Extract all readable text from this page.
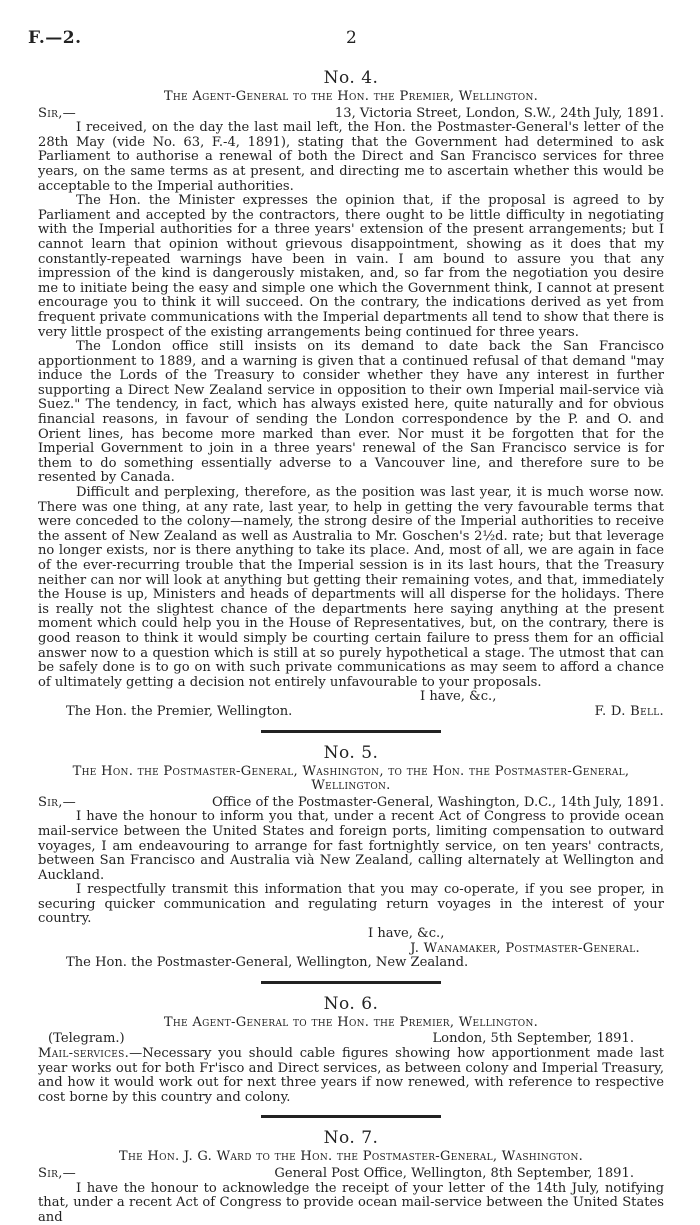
F.—2.	2
No. 4.
The Agent-General to the Hon. the Premier, Wellington.
Sir,—	13, Victoria Street, London, S.W., 24th July, 1891.

I received, on the day the last mail left, the Hon. the Postmaster-General's letter of the 28th May (vide No. 63, F.-4, 1891), stating that the Government had determined to ask Parliament to authorise a renewal of both the Direct and San Francisco services for three years, on the same terms as at present, and directing me to ascertain whether this would be acceptable to the Imperial authorities.

The Hon. the Minister expresses the opinion that, if the proposal is agreed to by Parliament and accepted by the contractors, there ought to be little difficulty in negotiating with the Imperial authorities for a three years' extension of the present arrangements; but I cannot learn that opinion without grievous disappointment, showing as it does that my constantly-repeated warnings have been in vain. I am bound to assure you that any impression of the kind is dangerously mistaken, and, so far from the negotiation you desire me to initiate being the easy and simple one which the Government think, I cannot at present encourage you to think it will succeed. On the contrary, the indications derived as yet from frequent private communications with the Imperial departments all tend to show that there is very little prospect of the existing arrangements being continued for three years.

The London office still insists on its demand to date back the San Francisco apportionment to 1889, and a warning is given that a continued refusal of that demand "may induce the Lords of the Treasury to consider whether they have any interest in further supporting a Direct New Zealand service in opposition to their own Imperial mail-service vià Suez." The tendency, in fact, which has always existed here, quite naturally and for obvious financial reasons, in favour of sending the London correspondence by the P. and O. and Orient lines, has become more marked than ever. Nor must it be forgotten that for the Imperial Government to join in a three years' renewal of the San Francisco service is for them to do something essentially adverse to a Vancouver line, and therefore sure to be resented by Canada.

Difficult and perplexing, therefore, as the position was last year, it is much worse now. There was one thing, at any rate, last year, to help in getting the very favourable terms that were conceded to the colony—namely, the strong desire of the Imperial authorities to receive the assent of New Zealand as well as Australia to Mr. Goschen's 2½d. rate; but that leverage no longer exists, nor is there anything to take its place. And, most of all, we are again in face of the ever-recurring trouble that the Imperial session is in its last hours, that the Treasury neither can nor will look at anything but getting their remaining votes, and that, immediately the House is up, Ministers and heads of departments will all disperse for the holidays. There is really not the slightest chance of the departments here saying anything at the present moment which could help you in the House of Representatives, but, on the contrary, there is good reason to think it would simply be courting certain failure to press them for an official answer now to a question which is still at so purely hypothetical a stage. The utmost that can be safely done is to go on with such private communications as may seem to afford a chance of ultimately getting a decision not entirely unfavourable to your proposals.

I have, &c.,
The Hon. the Premier, Wellington.	F. D. Bell.
No. 5.
The Hon. the Postmaster-General, Washington, to the Hon. the Postmaster-General, Wellington.
Sir,—	Office of the Postmaster-General, Washington, D.C., 14th July, 1891.

I have the honour to inform you that, under a recent Act of Congress to provide ocean mail-service between the United States and foreign ports, limiting compensation to outward voyages, I am endeavouring to arrange for fast fortnightly service, on ten years' contracts, between San Francisco and Australia vià New Zealand, calling alternately at Wellington and Auckland.

I respectfully transmit this information that you may co-operate, if you see proper, in securing quicker communication and regulating return voyages in the interest of your country.

I have, &c.,
J. Wanamaker, Postmaster-General.
The Hon. the Postmaster-General, Wellington, New Zealand.
No. 6.
The Agent-General to the Hon. the Premier, Wellington.
(Telegram.)	London, 5th September, 1891.

Mail-services.—Necessary you should cable figures showing how apportionment made last year works out for both Fr'isco and Direct services, as between colony and Imperial Treasury, and how it would work out for next three years if now renewed, with reference to respective cost borne by this country and colony.

No. 7.
The Hon. J. G. Ward to the Hon. the Postmaster-General, Washington.
Sir,—	General Post Office, Wellington, 8th September, 1891.

I have the honour to acknowledge the receipt of your letter of the 14th July, notifying that, under a recent Act of Congress to provide ocean mail-service between the United States and
